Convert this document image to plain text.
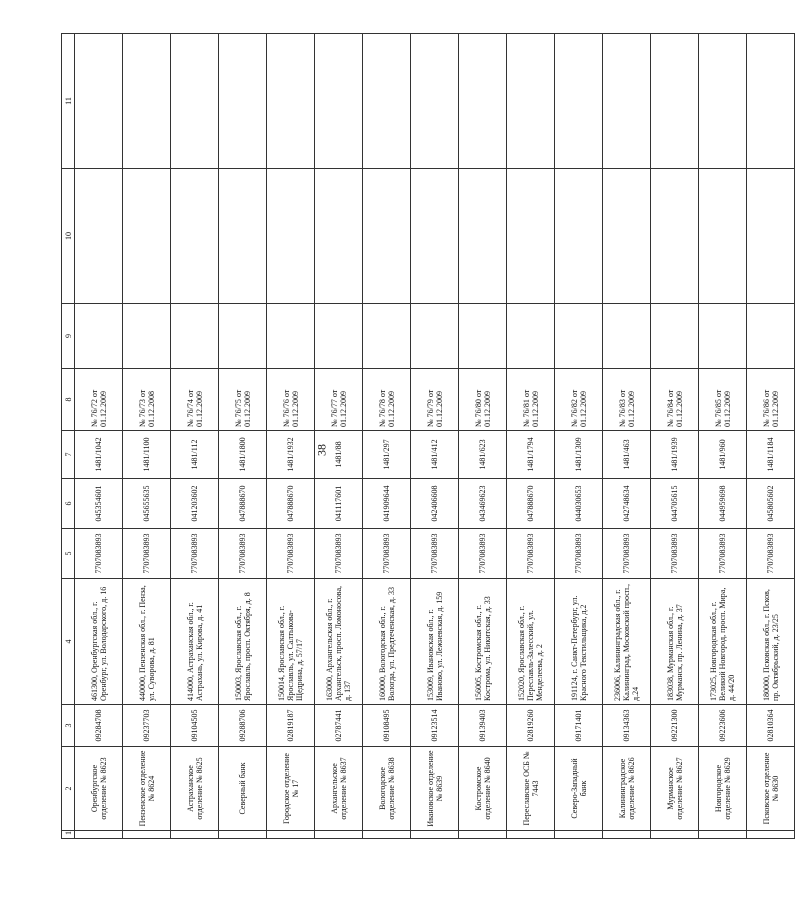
38
1	2	3	4	5	6	7	8	9	10	11
	Оренбургское отделение № 8623	09284708	461300, Оренбургская обл., г. Оренбург, ул. Володарского, д. 16	7707083893	045354601	1481/1042	№ 76/72 от 01.12.2009			
	Пензенское отделение № 8624	09237703	440000, Пензенская обл., г. Пенза, ул. Суворова, д. 81	7707083893	045655635	1481/1100	№ 76/73 от 01.12.2008			
	Астраханское отделение № 8625	09104505	414000, Астраханская обл., г. Астрахань, ул. Кирова, д. 41	7707083893	041203602	1481/112	№ 76/74 от 01.12.2009			
	Северный банк	09288706	150003, Ярославская обл., г. Ярославль, просп. Октября, д. 8	7707083893	047888670	1481/1800	№ 76/75 от 01.12.2009			
	Городское отделение № 17	02819187	150014, Ярославская обл., г. Ярославль, ул. Салтыкова-Щедрина, д. 57/17	7707083893	047888670	1481/1932	№ 76/76 от 01.12.2009			
	Архангельское отделение № 8637	02787441	163000, Архангельская обл., г. Архангельск, просп. Ломоносова, д. 137	7707083893	041117601	1481/88	№ 76/77 от 01.12.2009			
	Вологодское отделение № 8638	09108495	160000, Вологодская обл., г. Вологда, ул. Предтеченская, д. 33	7707083893	041909644	1481/297	№ 76/78 от 01.12.2009			
	Ивановское отделение № 8639	09123514	153009, Ивановская обл., г. Иваново, ул. Лежневская, д. 159	7707083893	042406608	1481/412	№ 76/79 от 01.12.2009			
	Костромское отделение № 8640	09139403	156005, Костромская обл., г. Кострома, ул. Никитская, д. 33	7707083893	043469623	1481/623	№ 76/80 от 01.12.2009			
	Переславское ОСБ № 7443	02819260	152020, Ярославская обл., г. Переславль-Залесский, ул. Менделеева, д. 2	7707083893	047888670	1481/1794	№ 76/81 от 01.12.2009			
	Северо-Западный банк	09171401	191124, г. Санкт-Петербург, ул. Красного Текстильщика, д.2	7707083893	044030653	1481/1309	№ 76/82 от 01.12.2009			
	Калининградское отделение № 8626	09134363	236006, Калининградская обл., г. Калининград, Московский просп., д.24	7707083893	042748634	1481/463	№ 76/83 от 01.12.2009			
	Мурманское отделение № 8627	09221300	183038, Мурманская обл., г. Мурманск, пр. Ленина, д. 37	7707083893	044705615	1481/1939	№ 76/84 от 01.12.2009			
	Новгородское отделение № 8629	09223606	173025, Новгородская обл., г. Великий Новгород, просп. Мира, д. 44/20	7707083893	044959698	1481/960	№ 76/85 от 01.12.2009			
	Псковское отделение № 8630	02810364	180000, Псковская обл., г. Псков, пр. Октябрьский, д. 23/25	7707083893	045805602	1481/1184	№ 76/86 от 01.12.2009			
